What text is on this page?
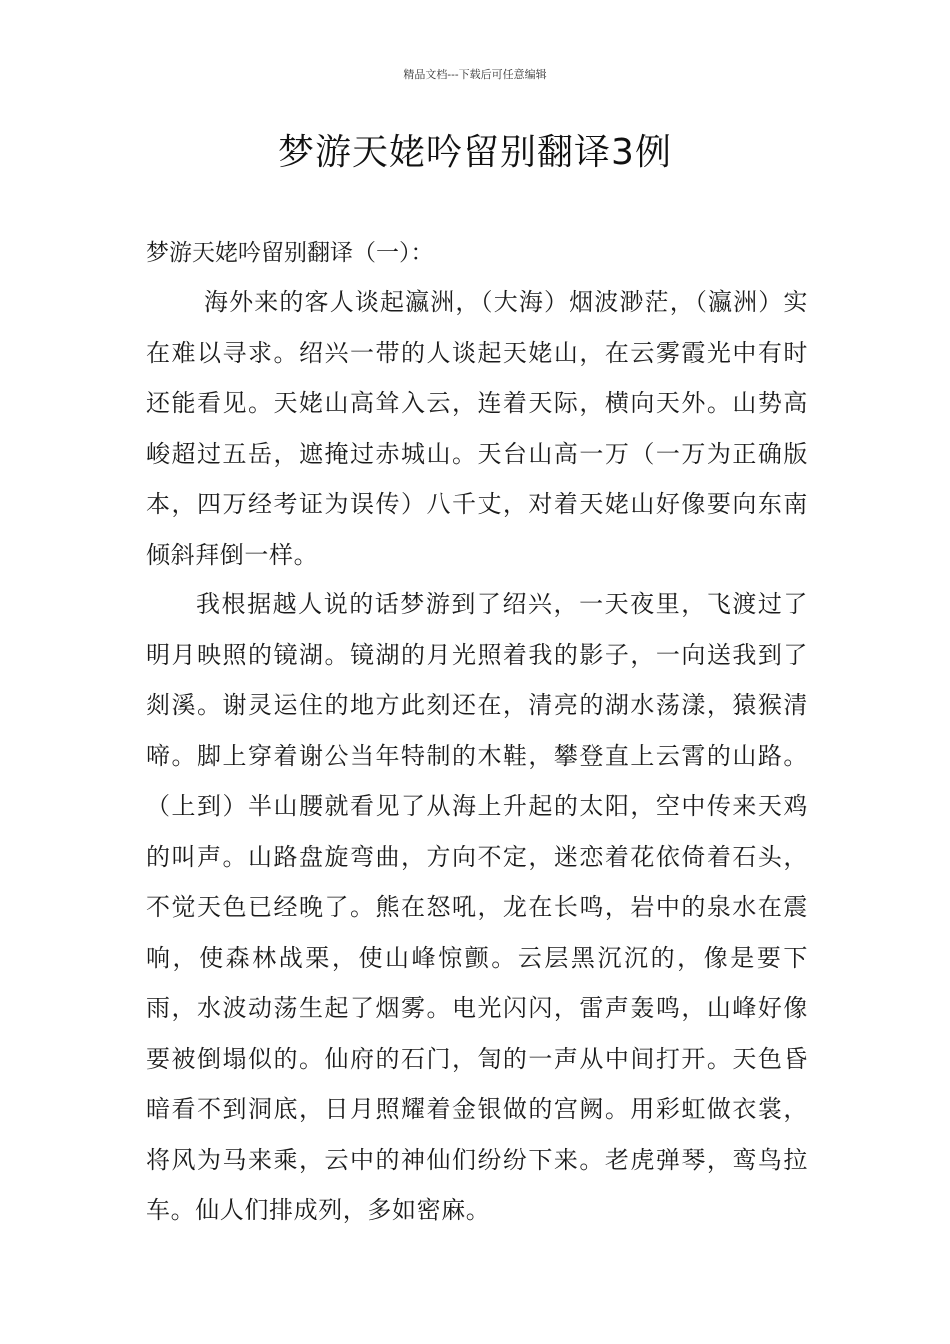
精品文档---下载后可任意编辑
梦游天姥吟留别翻译3例
梦游天姥吟留别翻译（一）：

海外来的客人谈起瀛洲，（大海）烟波渺茫，（瀛洲）实在难以寻求。绍兴一带的人谈起天姥山，在云雾霞光中有时还能看见。天姥山高耸入云，连着天际，横向天外。山势高峻超过五岳，遮掩过赤城山。天台山高一万（一万为正确版本，四万经考证为误传）八千丈，对着天姥山好像要向东南倾斜拜倒一样。

我根据越人说的话梦游到了绍兴，一天夜里，飞渡过了明月映照的镜湖。镜湖的月光照着我的影子，一向送我到了剡溪。谢灵运住的地方此刻还在，清亮的湖水荡漾，猿猴清啼。脚上穿着谢公当年特制的木鞋，攀登直上云霄的山路。（上到）半山腰就看见了从海上升起的太阳，空中传来天鸡的叫声。山路盘旋弯曲，方向不定，迷恋着花依倚着石头，不觉天色已经晚了。熊在怒吼，龙在长鸣，岩中的泉水在震响，使森林战栗，使山峰惊颤。云层黑沉沉的，像是要下雨，水波动荡生起了烟雾。电光闪闪，雷声轰鸣，山峰好像要被倒塌似的。仙府的石门，訇的一声从中间打开。天色昏暗看不到洞底，日月照耀着金银做的宫阙。用彩虹做衣裳，将风为马来乘，云中的神仙们纷纷下来。老虎弹琴，鸾鸟拉车。仙人们排成列，多如密麻。
